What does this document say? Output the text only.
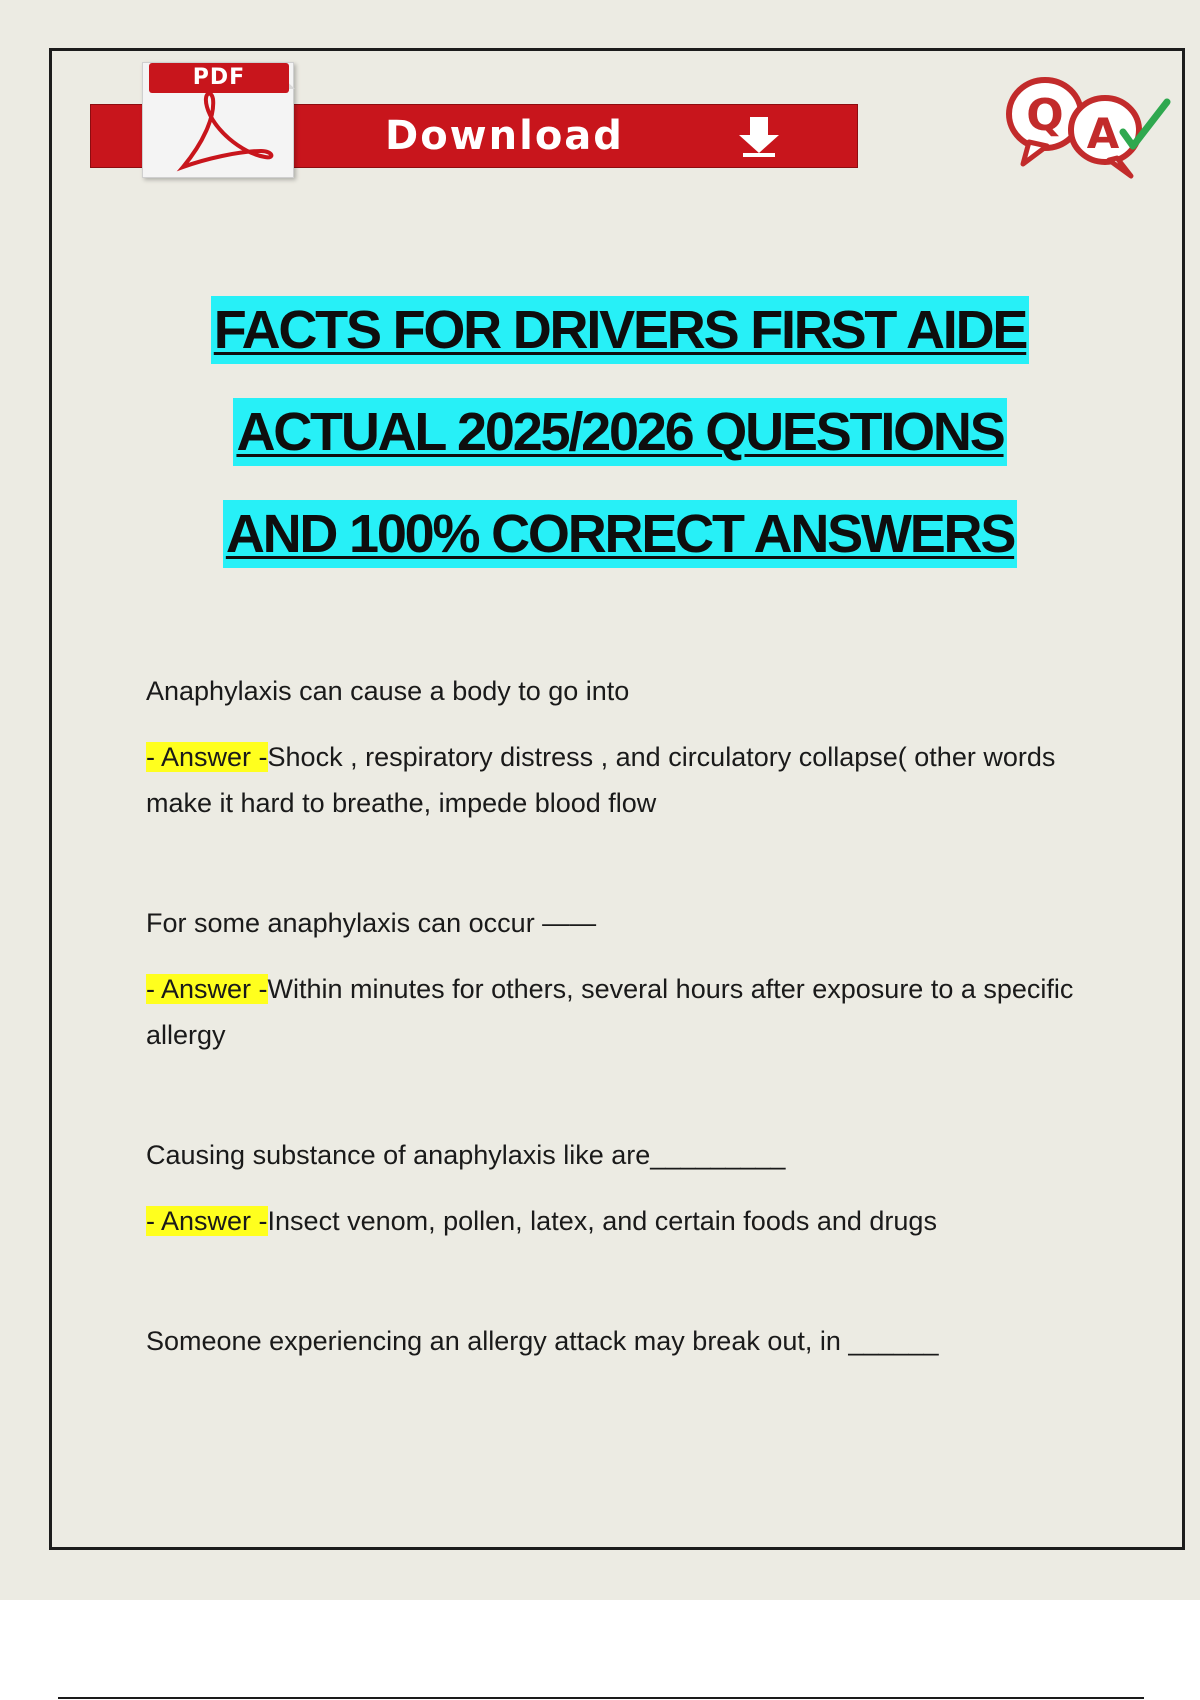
Download
PDF
Q A
FACTS FOR DRIVERS FIRST AIDE
ACTUAL 2025/2026 QUESTIONS
AND 100% CORRECT ANSWERS

Anaphylaxis can cause a body to go into

- Answer -Shock , respiratory distress , and circulatory collapse( other words make it hard to breathe, impede blood flow

For some anaphylaxis can occur ——

- Answer -Within minutes for others, several hours after exposure to a specific allergy

Causing substance of anaphylaxis like are_________

- Answer -Insect venom, pollen, latex, and certain foods and drugs

Someone experiencing an allergy attack may break out, in ______
